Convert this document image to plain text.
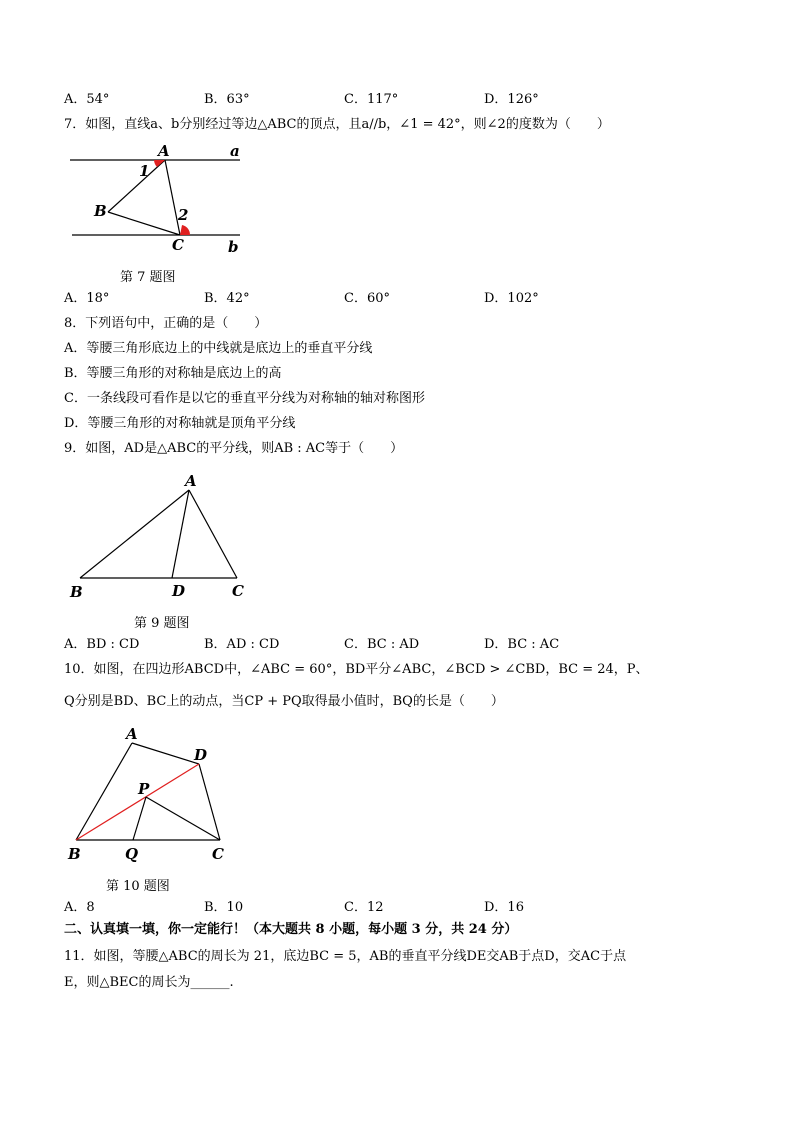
A．54°	B．63°	C．117°	D．126°
7．如图，直线a、b分别经过等边△ABC的顶点，且a//b，∠1 = 42°，则∠2的度数为（　　）
A	a
1
B	2
C	b
第 7 题图
A．18°	B．42°	C．60°	D．102°
8．下列语句中，正确的是（　　）
A．等腰三角形底边上的中线就是底边上的垂直平分线
B．等腰三角形的对称轴是底边上的高
C．一条线段可看作是以它的垂直平分线为对称轴的轴对称图形
D．等腰三角形的对称轴就是顶角平分线
9．如图，AD是△ABC的平分线，则AB : AC等于（　　）
A
B	D	C
第 9 题图
A．BD : CD	B．AD : CD	C．BC : AD	D．BC : AC
10．如图，在四边形ABCD中，∠ABC = 60°，BD平分∠ABC，∠BCD > ∠CBD，BC = 24，P、
Q分别是BD、BC上的动点，当CP + PQ取得最小值时，BQ的长是（　　）
A
D
P
B	Q	C
第 10 题图
A．8	B．10	C．12	D．16
二、认真填一填，你一定能行！（本大题共 8 小题，每小题 3 分，共 24 分）
11．如图，等腰△ABC的周长为 21，底边BC = 5，AB的垂直平分线DE交AB于点D，交AC于点
E，则△BEC的周长为______.
